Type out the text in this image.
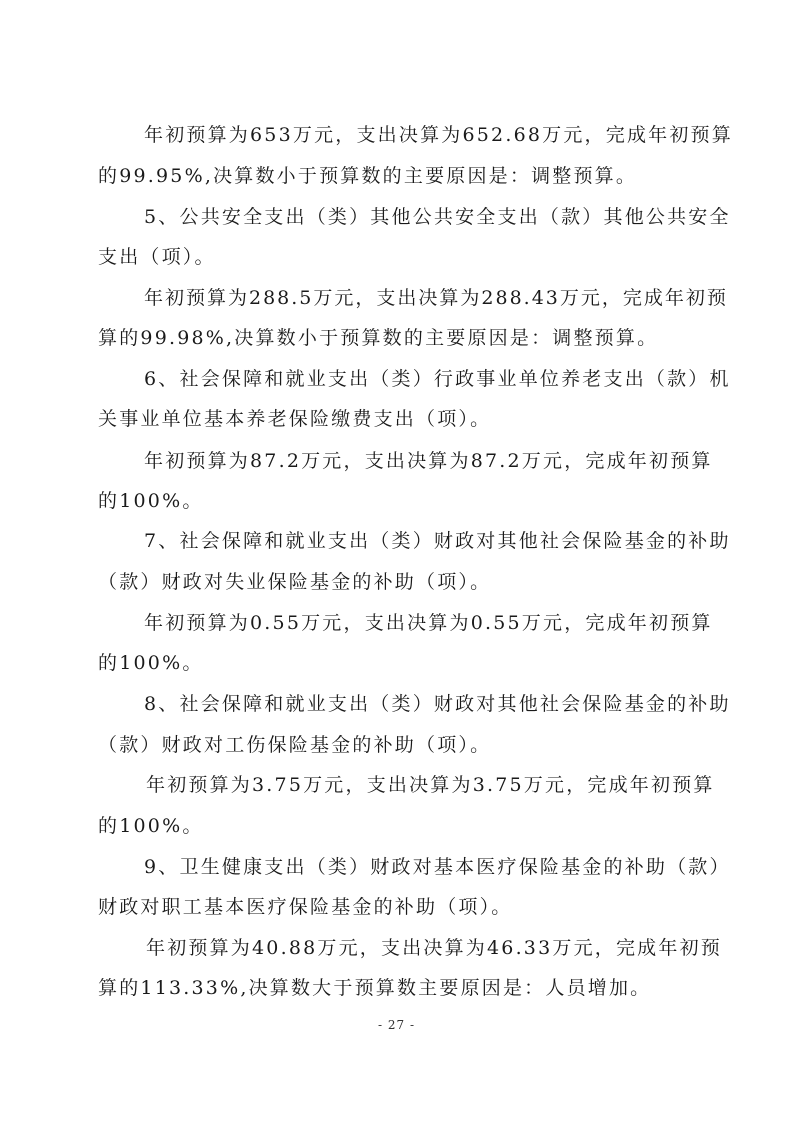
年初预算为653万元，支出决算为652.68万元，完成年初预算
的99.95%,决算数小于预算数的主要原因是：调整预算。
5、公共安全支出（类）其他公共安全支出（款）其他公共安全
支出（项）。
年初预算为288.5万元，支出决算为288.43万元，完成年初预
算的99.98%,决算数小于预算数的主要原因是：调整预算。
6、社会保障和就业支出（类）行政事业单位养老支出（款）机
关事业单位基本养老保险缴费支出（项）。
年初预算为87.2万元，支出决算为87.2万元，完成年初预算
的100%。
7、社会保障和就业支出（类）财政对其他社会保险基金的补助
（款）财政对失业保险基金的补助（项）。
年初预算为0.55万元，支出决算为0.55万元，完成年初预算
的100%。
8、社会保障和就业支出（类）财政对其他社会保险基金的补助
（款）财政对工伤保险基金的补助（项）。
年初预算为3.75万元，支出决算为3.75万元，完成年初预算
的100%。
9、卫生健康支出（类）财政对基本医疗保险基金的补助（款）
财政对职工基本医疗保险基金的补助（项）。
年初预算为40.88万元，支出决算为46.33万元，完成年初预
算的113.33%,决算数大于预算数主要原因是：人员增加。
- 27 -
